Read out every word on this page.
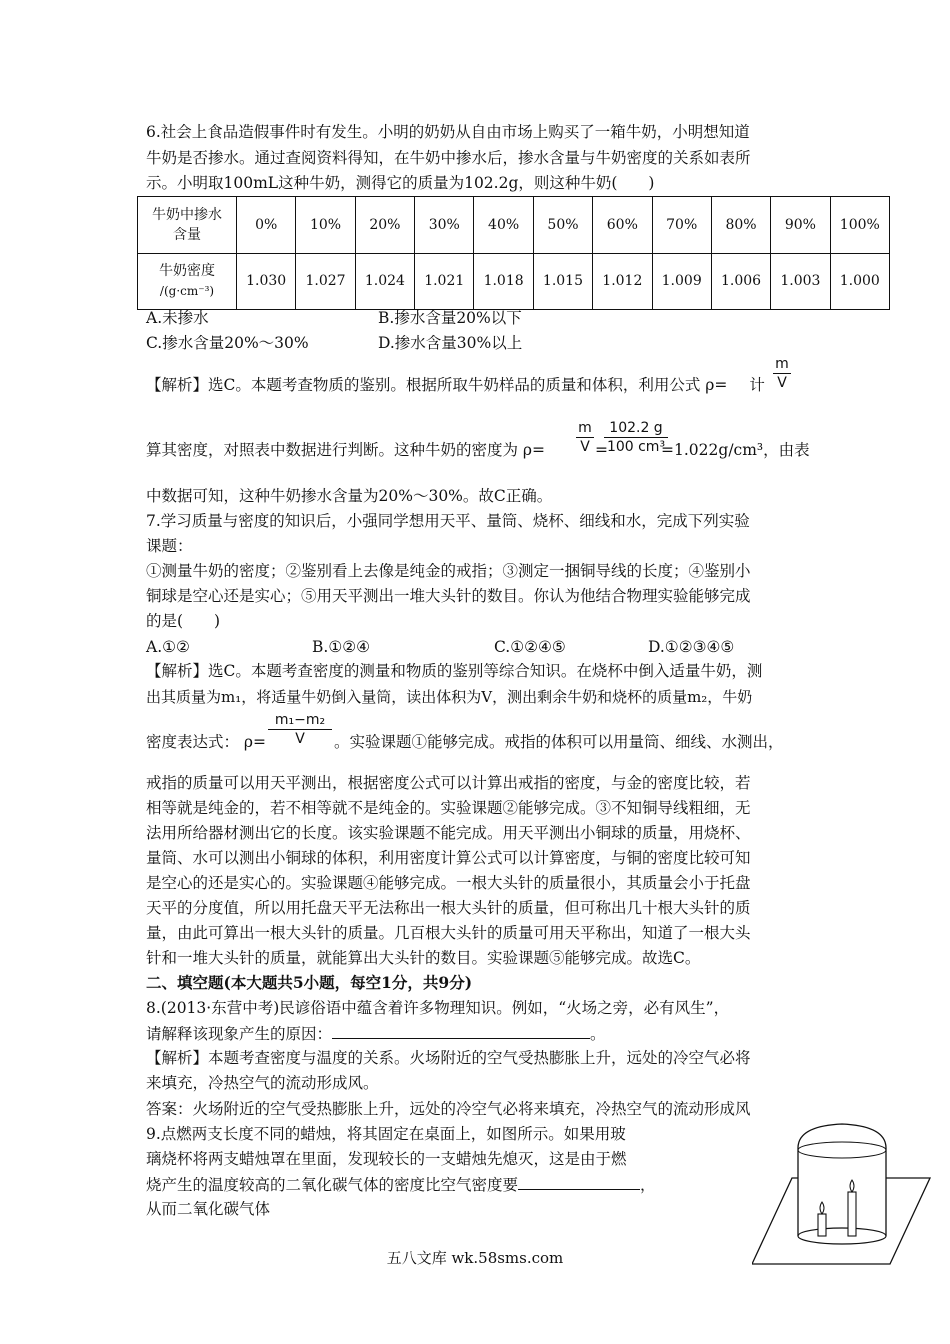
6.社会上食品造假事件时有发生。小明的奶奶从自由市场上购买了一箱牛奶，小明想知道
牛奶是否掺水。通过查阅资料得知，在牛奶中掺水后，掺水含量与牛奶密度的关系如表所
示。小明取100mL这种牛奶，测得它的质量为102.2g，则这种牛奶(　　)
牛奶中掺水
含量	0%	10%	20%	30%	40%	50%	60%	70%	80%	90%	100%

牛奶密度
/(g·cm⁻³)	1.030	1.027	1.024	1.021	1.018	1.015	1.012	1.009	1.006	1.003	1.000
A.未掺水	B.掺水含量20%以下
C.掺水含量20%～30%	D.掺水含量30%以上
【解析】选C。本题考查物质的鉴别。根据所取牛奶样品的质量和体积，利用公式 ρ= 计 $\frac{m}{V}$
算其密度，对照表中数据进行判断。这种牛奶的密度为 ρ=	=1.022g/cm³，由表
$\frac{m}{V}$ =
$\frac{102.2 g}{\text{100 cm³}}$
中数据可知，这种牛奶掺水含量为20%～30%。故C正确。
7.学习质量与密度的知识后，小强同学想用天平、量筒、烧杯、细线和水，完成下列实验
课题：
①测量牛奶的密度；②鉴别看上去像是纯金的戒指；③测定一捆铜导线的长度；④鉴别小
铜球是空心还是实心；⑤用天平测出一堆大头针的数目。你认为他结合物理实验能够完成
的是(　　)
A.①②	B.①②④	C.①②④⑤	D.①②③④⑤
【解析】选C。本题考查密度的测量和物质的鉴别等综合知识。在烧杯中倒入适量牛奶，测
出其质量为m₁，将适量牛奶倒入量筒，读出体积为V，测出剩余牛奶和烧杯的质量m₂，牛奶
密度表达式： ρ=	。实验课题①能够完成。戒指的体积可以用量筒、细线、水测出，
$\frac{\text{m₁−m₂}}{V}$
戒指的质量可以用天平测出，根据密度公式可以计算出戒指的密度，与金的密度比较，若
相等就是纯金的，若不相等就不是纯金的。实验课题②能够完成。③不知铜导线粗细，无
法用所给器材测出它的长度。该实验课题不能完成。用天平测出小铜球的质量，用烧杯、
量筒、水可以测出小铜球的体积，利用密度计算公式可以计算密度，与铜的密度比较可知
是空心的还是实心的。实验课题④能够完成。一根大头针的质量很小，其质量会小于托盘
天平的分度值，所以用托盘天平无法称出一根大头针的质量，但可称出几十根大头针的质
量，由此可算出一根大头针的质量。几百根大头针的质量可用天平称出，知道了一根大头
针和一堆大头针的质量，就能算出大头针的数目。实验课题⑤能够完成。故选C。
二、填空题(本大题共5小题，每空1分，共9分)
8.(2013·东营中考)民谚俗语中蕴含着许多物理知识。例如，“火场之旁，必有风生”，
请解释该现象产生的原因：	。
【解析】本题考查密度与温度的关系。火场附近的空气受热膨胀上升，远处的冷空气必将
来填充，冷热空气的流动形成风。
答案：火场附近的空气受热膨胀上升，远处的冷空气必将来填充，冷热空气的流动形成风
9.点燃两支长度不同的蜡烛，将其固定在桌面上，如图所示。如果用玻
璃烧杯将两支蜡烛罩在里面，发现较长的一支蜡烛先熄灭，这是由于燃
烧产生的温度较高的二氧化碳气体的密度比空气密度要	，
从而二氧化碳气体
五八文库 wk.58sms.com
